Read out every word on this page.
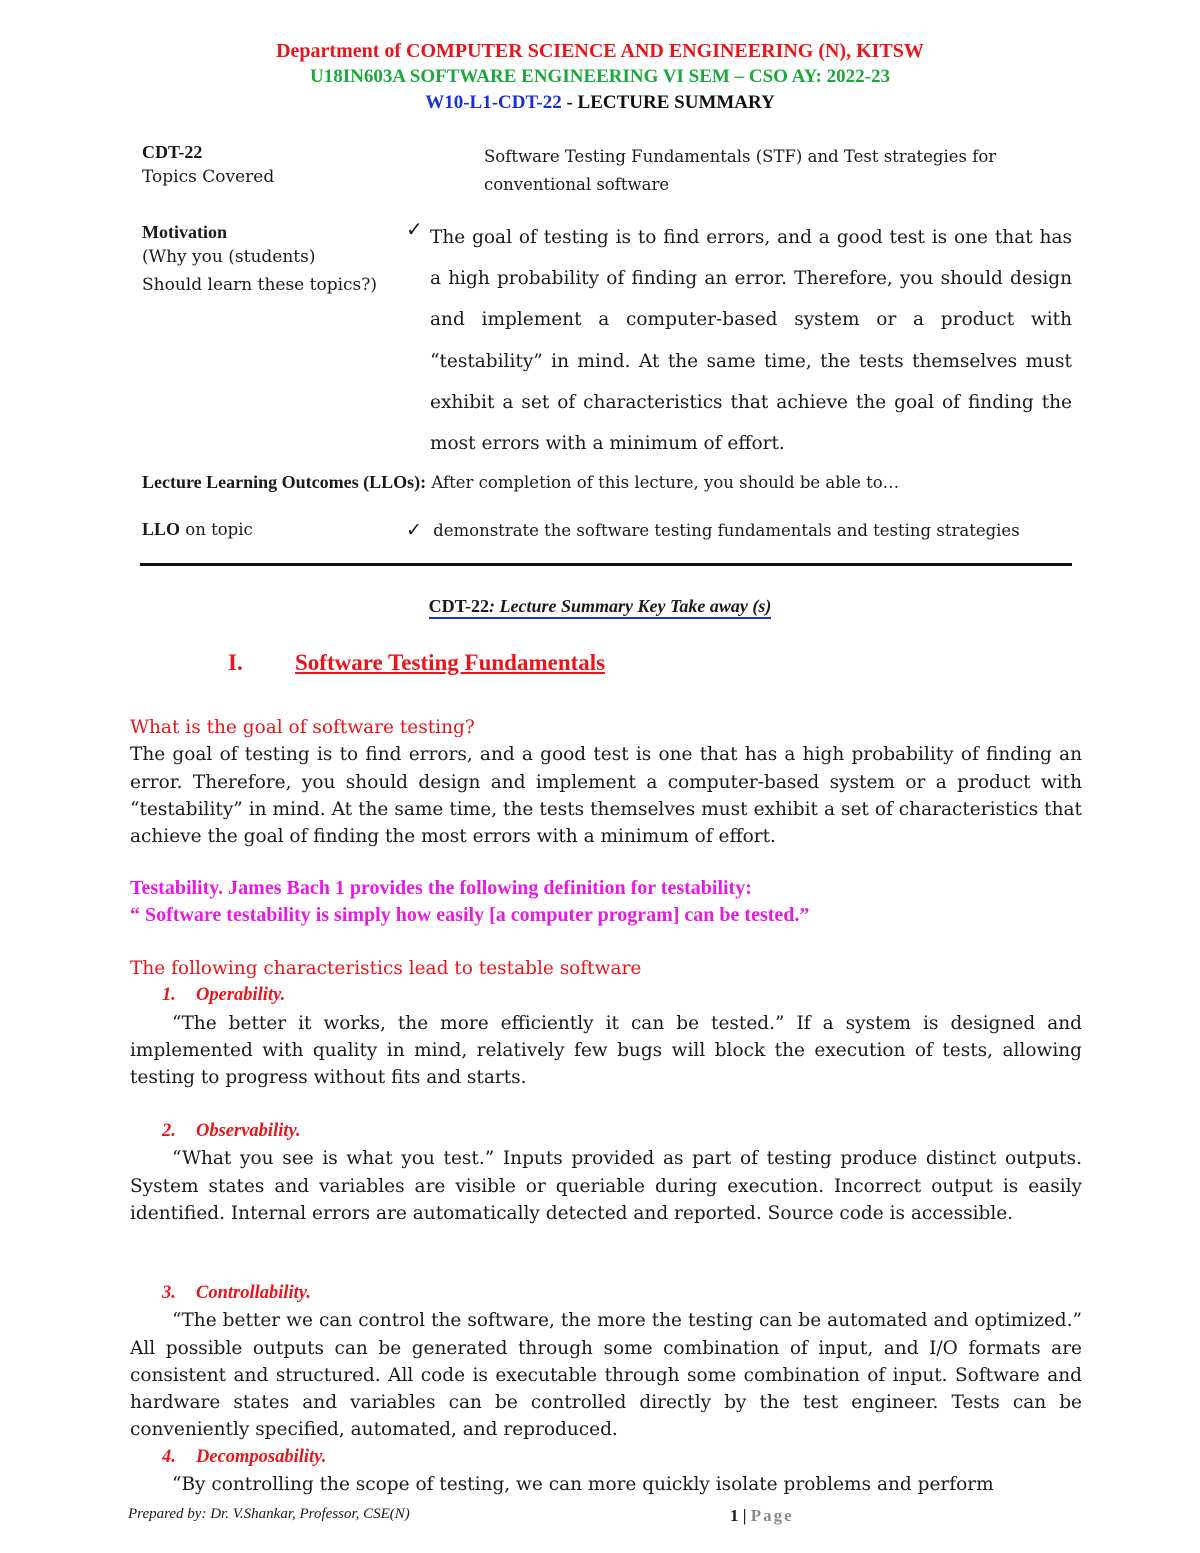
Department of COMPUTER SCIENCE AND ENGINEERING (N), KITSW
U18IN603A SOFTWARE ENGINEERING VI SEM – CSO AY: 2022-23
W10-L1-CDT-22 - LECTURE SUMMARY
CDT-22
Topics Covered
Software Testing Fundamentals (STF) and Test strategies for
conventional software
Motivation
(Why you (students)
Should learn these topics?)
✓ The goal of testing is to find errors, and a good test is one that has a high probability of finding an error. Therefore, you should design and implement a computer-based system or a product with “testability” in mind. At the same time, the tests themselves must exhibit a set of characteristics that achieve the goal of finding the most errors with a minimum of effort.
Lecture Learning Outcomes (LLOs): After completion of this lecture, you should be able to…
LLO on topic	✓ demonstrate the software testing fundamentals and testing strategies
CDT-22: Lecture Summary Key Take away (s)
I. Software Testing Fundamentals
What is the goal of software testing?
The goal of testing is to find errors, and a good test is one that has a high probability of finding an error. Therefore, you should design and implement a computer-based system or a product with “testability” in mind. At the same time, the tests themselves must exhibit a set of characteristics that achieve the goal of finding the most errors with a minimum of effort.
Testability. James Bach 1 provides the following definition for testability:
“ Software testability is simply how easily [a computer program] can be tested.”
The following characteristics lead to testable software
1. Operability.
“The better it works, the more efficiently it can be tested.” If a system is designed and implemented with quality in mind, relatively few bugs will block the execution of tests, allowing testing to progress without fits and starts.
2. Observability.
“What you see is what you test.” Inputs provided as part of testing produce distinct outputs. System states and variables are visible or queriable during execution. Incorrect output is easily identified. Internal errors are automatically detected and reported. Source code is accessible.
3. Controllability.
“The better we can control the software, the more the testing can be automated and optimized.” All possible outputs can be generated through some combination of input, and I/O formats are consistent and structured. All code is executable through some combination of input. Software and hardware states and variables can be controlled directly by the test engineer. Tests can be conveniently specified, automated, and reproduced.
4. Decomposability.
“By controlling the scope of testing, we can more quickly isolate problems and perform
Prepared by: Dr. V.Shankar, Professor, CSE(N)	1 | Page
